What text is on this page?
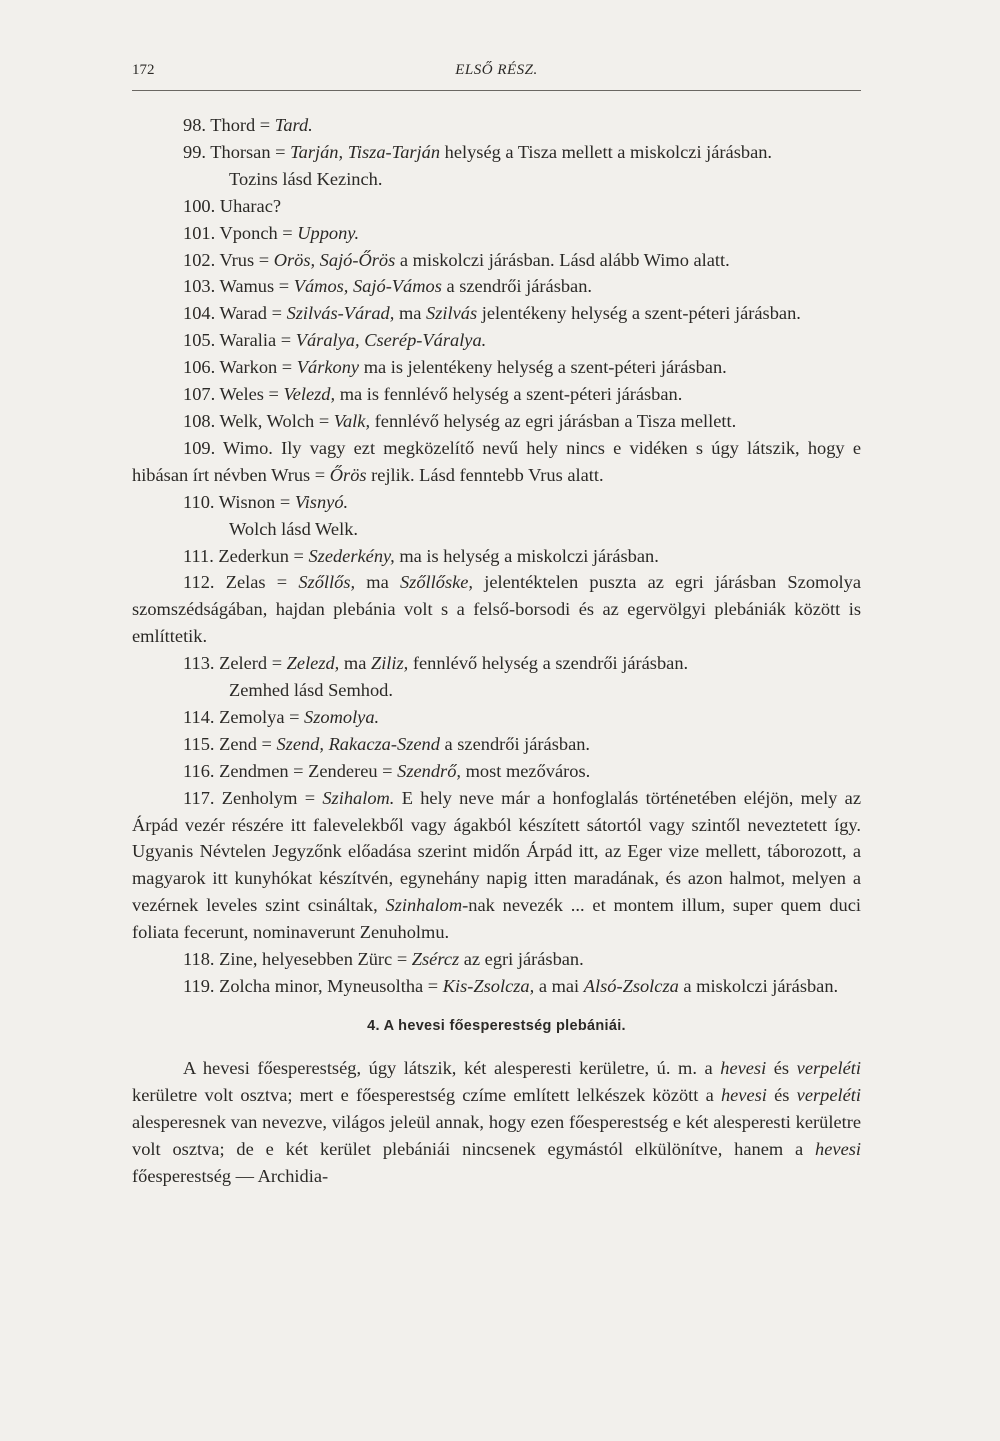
172	ELSŐ RÉSZ.

98. Thord = Tard.

99. Thorsan = Tarján, Tisza-Tarján helység a Tisza mellett a miskolczi járásban.

Tozins lásd Kezinch.

100. Uharac?

101. Vponch = Uppony.

102. Vrus = Orös, Sajó-Őrös a miskolczi járásban. Lásd alább Wimo alatt.

103. Wamus = Vámos, Sajó-Vámos a szendrői járásban.

104. Warad = Szilvás-Várad, ma Szilvás jelentékeny helység a szent-péteri járásban.

105. Waralia = Váralya, Cserép-Váralya.

106. Warkon = Várkony ma is jelentékeny helység a szent-péteri járásban.

107. Weles = Velezd, ma is fennlévő helység a szent-péteri járásban.

108. Welk, Wolch = Valk, fennlévő helység az egri járásban a Tisza mellett.

109. Wimo. Ily vagy ezt megközelítő nevű hely nincs e vidéken s úgy látszik, hogy e hibásan írt névben Wrus = Őrös rejlik. Lásd fenntebb Vrus alatt.

110. Wisnon = Visnyó.

Wolch lásd Welk.

111. Zederkun = Szederkény, ma is helység a miskolczi járásban.

112. Zelas = Szőllős, ma Szőllőske, jelentéktelen puszta az egri járásban Szomolya szomszédságában, hajdan plebánia volt s a felső-borsodi és az egervölgyi plebániák között is említtetik.

113. Zelerd = Zelezd, ma Ziliz, fennlévő helység a szendrői járásban.

Zemhed lásd Semhod.

114. Zemolya = Szomolya.

115. Zend = Szend, Rakacza-Szend a szendrői járásban.

116. Zendmen = Zendereu = Szendrő, most mezőváros.

117. Zenholym = Szihalom. E hely neve már a honfoglalás történetében eléjön, mely az Árpád vezér részére itt falevelekből vagy ágakból készített sátortól vagy szintől neveztetett így. Ugyanis Névtelen Jegyzőnk előadása szerint midőn Árpád itt, az Eger vize mellett, táborozott, a magyarok itt kunyhókat készítvén, egynehány napig itten maradának, és azon halmot, melyen a vezérnek leveles szint csináltak, Szinhalom-nak nevezék ... et montem illum, super quem duci foliata fecerunt, nominaverunt Zenuholmu.

118. Zine, helyesebben Zürc = Zsércz az egri járásban.

119. Zolcha minor, Myneusoltha = Kis-Zsolcza, a mai Alsó-Zsolcza a miskolczi járásban.

4. A hevesi főesperestség plebániái.

A hevesi főesperestség, úgy látszik, két alesperesti kerületre, ú. m. a hevesi és verpeléti kerületre volt osztva; mert e főesperestség czíme említett lelkészek között a hevesi és verpeléti alesperesnek van nevezve, világos jeleül annak, hogy ezen főesperestség e két alesperesti kerületre volt osztva; de e két kerület plebániái nincsenek egymástól elkülönítve, hanem a hevesi főesperestség — Archidia-
